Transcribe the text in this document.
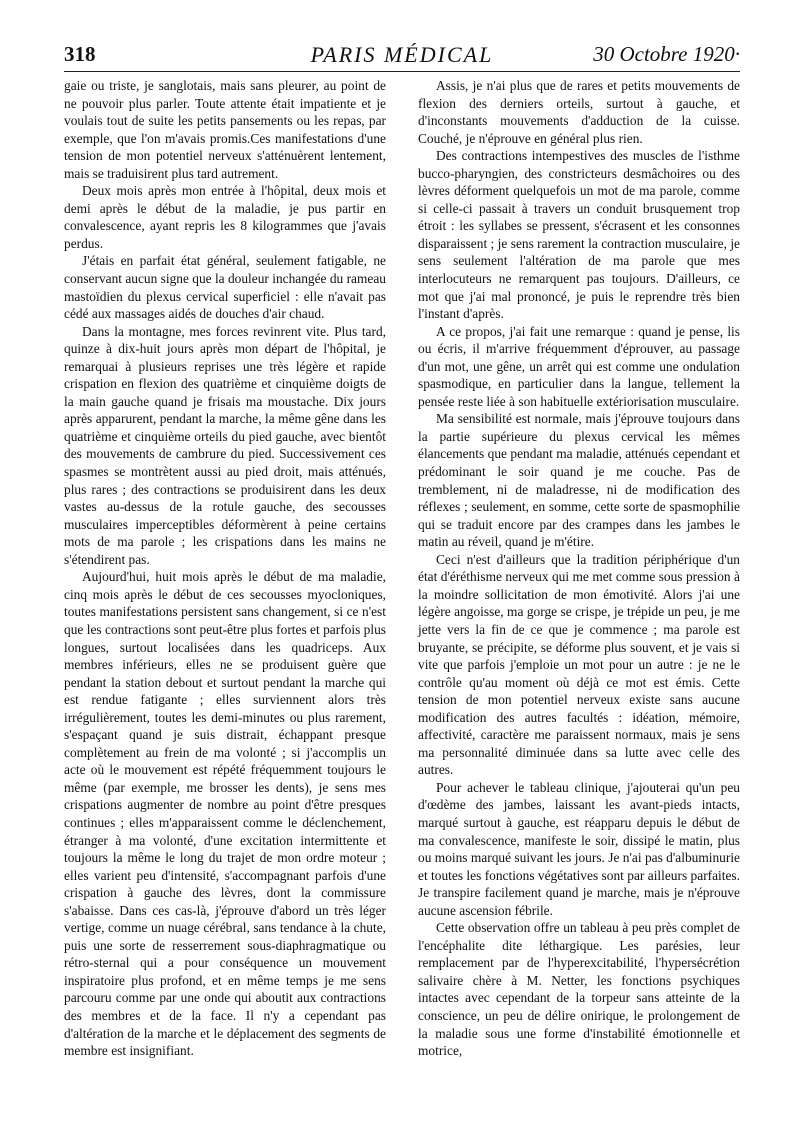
318	PARIS MÉDICAL	30 Octobre 1920·

gaie ou triste, je sanglotais, mais sans pleurer, au point de ne pouvoir plus parler. Toute attente était impatiente et je voulais tout de suite les petits pansements ou les repas, par exemple, que l'on m'avais promis.Ces manifestations d'une tension de mon potentiel nerveux s'atténuèrent lentement, mais se traduisirent plus tard autrement.

Deux mois après mon entrée à l'hôpital, deux mois et demi après le début de la maladie, je pus partir en convalescence, ayant repris les 8 kilogrammes que j'avais perdus.

J'étais en parfait état général, seulement fatigable, ne conservant aucun signe que la douleur inchangée du rameau mastoïdien du plexus cervical superficiel : elle n'avait pas cédé aux massages aidés de douches d'air chaud.

Dans la montagne, mes forces revinrent vite. Plus tard, quinze à dix-huit jours après mon départ de l'hôpital, je remarquai à plusieurs reprises une très légère et rapide crispation en flexion des quatrième et cinquième doigts de la main gauche quand je frisais ma moustache. Dix jours après apparurent, pendant la marche, la même gêne dans les quatrième et cinquième orteils du pied gauche, avec bientôt des mouvements de cambrure du pied. Successivement ces spasmes se montrètent aussi au pied droit, mais atténués, plus rares ; des contractions se produisirent dans les deux vastes au-dessus de la rotule gauche, des secousses musculaires imperceptibles déformèrent à peine certains mots de ma parole ; les crispations dans les mains ne s'étendirent pas.

Aujourd'hui, huit mois après le début de ma maladie, cinq mois après le début de ces secousses myocloniques, toutes manifestations persistent sans changement, si ce n'est que les contractions sont peut-être plus fortes et parfois plus longues, surtout localisées dans les quadriceps. Aux membres inférieurs, elles ne se produisent guère que pendant la station debout et surtout pendant la marche qui est rendue fatigante ; elles surviennent alors très irrégulièrement, toutes les demi-minutes ou plus rarement, s'espaçant quand je suis distrait, échappant presque complètement au frein de ma volonté ; si j'accomplis un acte où le mouvement est répété fréquemment toujours le même (par exemple, me brosser les dents), je sens mes crispations augmenter de nombre au point d'être presques continues ; elles m'apparaissent comme le déclenchement, étranger à ma volonté, d'une excitation intermittente et toujours la même le long du trajet de mon ordre moteur ; elles varient peu d'intensité, s'accompagnant parfois d'une crispation à gauche des lèvres, dont la commissure s'abaisse. Dans ces cas-là, j'éprouve d'abord un très léger vertige, comme un nuage cérébral, sans tendance à la chute, puis une sorte de resserrement sous-diaphragmatique ou rétro-sternal qui a pour conséquence un mouvement inspiratoire plus profond, et en même temps je me sens parcouru comme par une onde qui aboutit aux contractions des membres et de la face. Il n'y a cependant pas d'altération de la marche et le déplacement des segments de membre est insignifiant.

Assis, je n'ai plus que de rares et petits mouvements de flexion des derniers orteils, surtout à gauche, et d'inconstants mouvements d'adduction de la cuisse. Couché, je n'éprouve en général plus rien.

Des contractions intempestives des muscles de l'isthme bucco-pharyngien, des constricteurs desmâchoires ou des lèvres déforment quelquefois un mot de ma parole, comme si celle-ci passait à travers un conduit brusquement trop étroit : les syllabes se pressent, s'écrasent et les consonnes disparaissent ; je sens rarement la contraction musculaire, je sens seulement l'altération de ma parole que mes interlocuteurs ne remarquent pas toujours. D'ailleurs, ce mot que j'ai mal prononcé, je puis le reprendre très bien l'instant d'après.

A ce propos, j'ai fait une remarque : quand je pense, lis ou écris, il m'arrive fréquemment d'éprouver, au passage d'un mot, une gêne, un arrêt qui est comme une ondulation spasmodique, en particulier dans la langue, tellement la pensée reste liée à son habituelle extériorisation musculaire.

Ma sensibilité est normale, mais j'éprouve toujours dans la partie supérieure du plexus cervical les mêmes élancements que pendant ma maladie, atténués cependant et prédominant le soir quand je me couche. Pas de tremblement, ni de maladresse, ni de modification des réflexes ; seulement, en somme, cette sorte de spasmophilie qui se traduit encore par des crampes dans les jambes le matin au réveil, quand je m'étire.

Ceci n'est d'ailleurs que la tradition périphérique d'un état d'éréthisme nerveux qui me met comme sous pression à la moindre sollicitation de mon émotivité. Alors j'ai une légère angoisse, ma gorge se crispe, je trépide un peu, je me jette vers la fin de ce que je commence ; ma parole est bruyante, se précipite, se déforme plus souvent, et je vais si vite que parfois j'emploie un mot pour un autre : je ne le contrôle qu'au moment où déjà ce mot est émis. Cette tension de mon potentiel nerveux existe sans aucune modification des autres facultés : idéation, mémoire, affectivité, caractère me paraissent normaux, mais je sens ma personnalité diminuée dans sa lutte avec celle des autres.

Pour achever le tableau clinique, j'ajouterai qu'un peu d'œdème des jambes, laissant les avant-pieds intacts, marqué surtout à gauche, est réapparu depuis le début de ma convalescence, manifeste le soir, dissipé le matin, plus ou moins marqué suivant les jours. Je n'ai pas d'albuminurie et toutes les fonctions végétatives sont par ailleurs parfaites. Je transpire facilement quand je marche, mais je n'éprouve aucune ascension fébrile.

Cette observation offre un tableau à peu près complet de l'encéphalite dite léthargique. Les parésies, leur remplacement par de l'hyperexcitabilité, l'hypersécrétion salivaire chère à M. Netter, les fonctions psychiques intactes avec cependant de la torpeur sans atteinte de la conscience, un peu de délire onirique, le prolongement de la maladie sous une forme d'instabilité émotionnelle et motrice,
